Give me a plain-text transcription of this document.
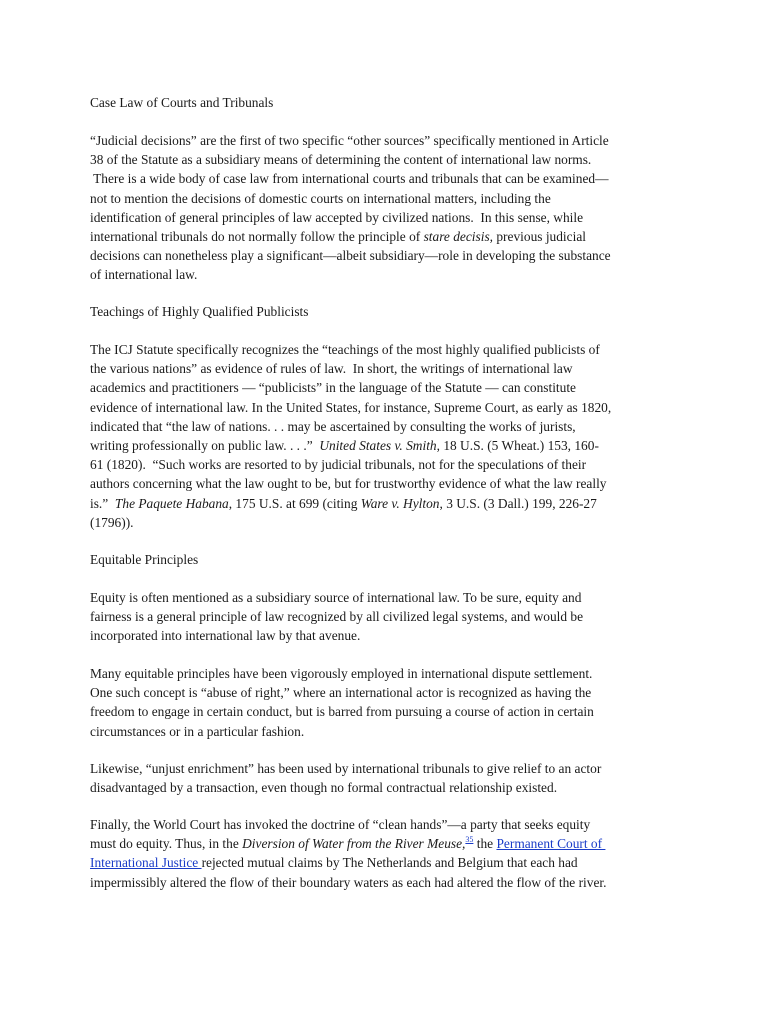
Case Law of Courts and Tribunals

“Judicial decisions” are the first of two specific “other sources” specifically mentioned in Article
38 of the Statute as a subsidiary means of determining the content of international law norms.
There is a wide body of case law from international courts and tribunals that can be examined—
not to mention the decisions of domestic courts on international matters, including the
identification of general principles of law accepted by civilized nations.  In this sense, while
international tribunals do not normally follow the principle of stare decisis, previous judicial
decisions can nonetheless play a significant—albeit subsidiary—role in developing the substance
of international law.

Teachings of Highly Qualified Publicists

The ICJ Statute specifically recognizes the “teachings of the most highly qualified publicists of
the various nations” as evidence of rules of law.  In short, the writings of international law
academics and practitioners — “publicists” in the language of the Statute — can constitute
evidence of international law. In the United States, for instance, Supreme Court, as early as 1820,
indicated that “the law of nations. . . may be ascertained by consulting the works of jurists,
writing professionally on public law. . . .”  United States v. Smith, 18 U.S. (5 Wheat.) 153, 160-
61 (1820).  “Such works are resorted to by judicial tribunals, not for the speculations of their
authors concerning what the law ought to be, but for trustworthy evidence of what the law really
is.”  The Paquete Habana, 175 U.S. at 699 (citing Ware v. Hylton, 3 U.S. (3 Dall.) 199, 226-27
(1796)).

Equitable Principles

Equity is often mentioned as a subsidiary source of international law. To be sure, equity and
fairness is a general principle of law recognized by all civilized legal systems, and would be
incorporated into international law by that avenue.

Many equitable principles have been vigorously employed in international dispute settlement.
One such concept is “abuse of right,” where an international actor is recognized as having the
freedom to engage in certain conduct, but is barred from pursuing a course of action in certain
circumstances or in a particular fashion.

Likewise, “unjust enrichment” has been used by international tribunals to give relief to an actor
disadvantaged by a transaction, even though no formal contractual relationship existed.

Finally, the World Court has invoked the doctrine of “clean hands”—a party that seeks equity
must do equity. Thus, in the Diversion of Water from the River Meuse,$^{35}$ the Permanent Court of
International Justice rejected mutual claims by The Netherlands and Belgium that each had
impermissibly altered the flow of their boundary waters as each had altered the flow of the river.
